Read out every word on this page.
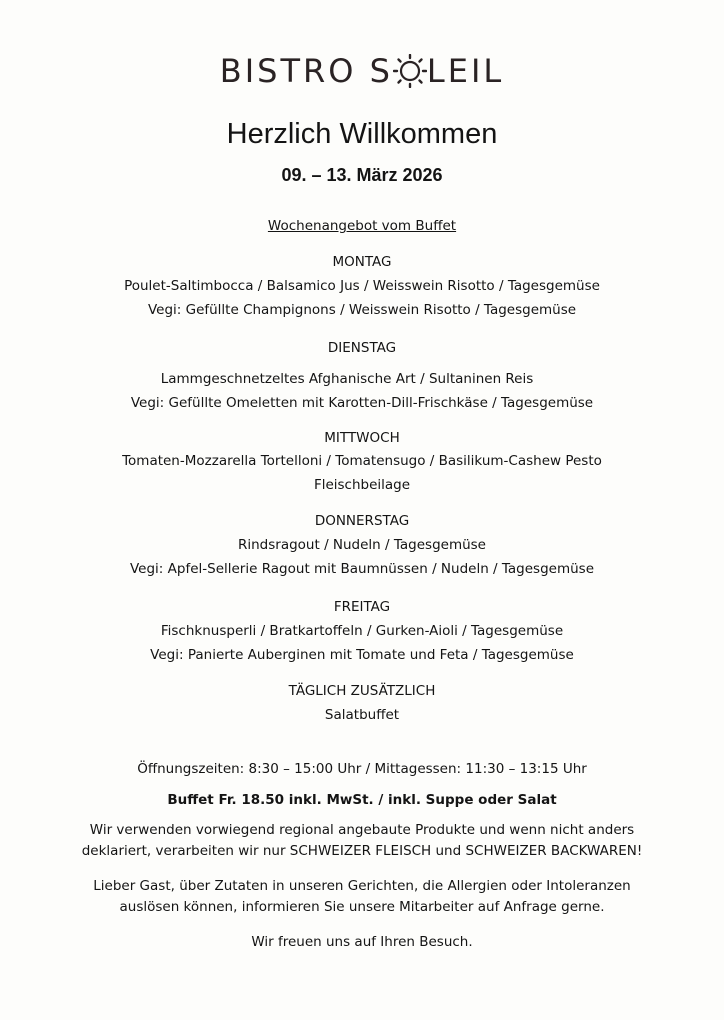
BISTRO S LEIL
Herzlich Willkommen
09. – 13. März 2026
Wochenangebot vom Buffet
MONTAG
Poulet-Saltimbocca / Balsamico Jus / Weisswein Risotto / Tagesgemüse
Vegi: Gefüllte Champignons / Weisswein Risotto / Tagesgemüse
DIENSTAG
Lammgeschnetzeltes Afghanische Art / Sultaninen Reis
Vegi: Gefüllte Omeletten mit Karotten-Dill-Frischkäse / Tagesgemüse
MITTWOCH
Tomaten-Mozzarella Tortelloni / Tomatensugo / Basilikum-Cashew Pesto
Fleischbeilage
DONNERSTAG
Rindsragout / Nudeln / Tagesgemüse
Vegi: Apfel-Sellerie Ragout mit Baumnüssen / Nudeln / Tagesgemüse
FREITAG
Fischknusperli / Bratkartoffeln / Gurken-Aioli / Tagesgemüse
Vegi: Panierte Auberginen mit Tomate und Feta / Tagesgemüse
TÄGLICH ZUSÄTZLICH
Salatbuffet
Öffnungszeiten: 8:30 – 15:00 Uhr / Mittagessen: 11:30 – 13:15 Uhr
Buffet Fr. 18.50 inkl. MwSt. / inkl. Suppe oder Salat
Wir verwenden vorwiegend regional angebaute Produkte und wenn nicht anders
deklariert, verarbeiten wir nur SCHWEIZER FLEISCH und SCHWEIZER BACKWAREN!
Lieber Gast, über Zutaten in unseren Gerichten, die Allergien oder Intoleranzen
auslösen können, informieren Sie unsere Mitarbeiter auf Anfrage gerne.
Wir freuen uns auf Ihren Besuch.
